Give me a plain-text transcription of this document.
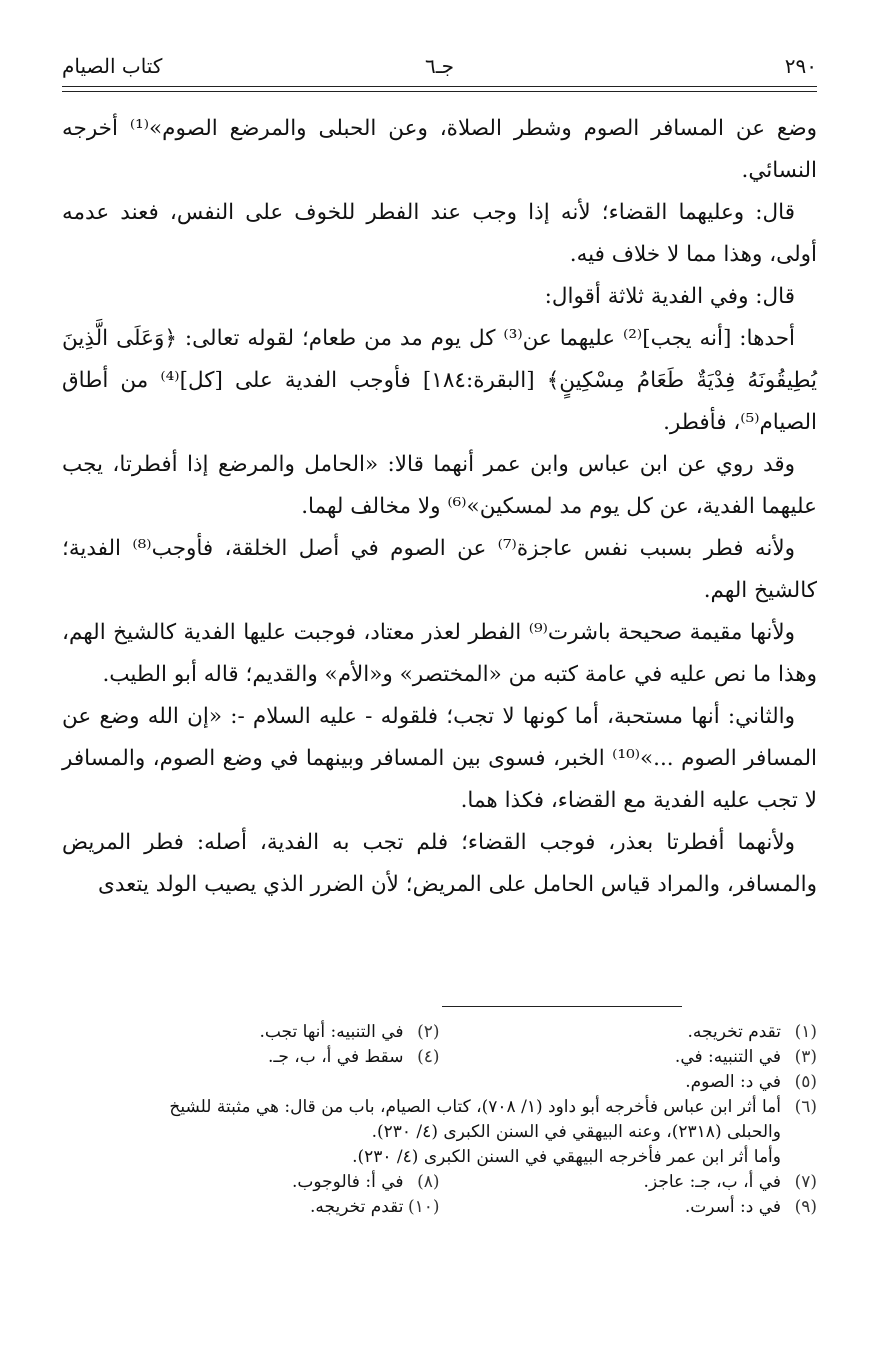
٢٩٠
جـ٦
كتاب الصيام

وضع عن المسافر الصوم وشطر الصلاة، وعن الحبلى والمرضع الصوم»⁽¹⁾ أخرجه النسائي.

قال: وعليهما القضاء؛ لأنه إذا وجب عند الفطر للخوف على النفس، فعند عدمه أولى، وهذا مما لا خلاف فيه.

قال: وفي الفدية ثلاثة أقوال:

أحدها: [أنه يجب]⁽²⁾ عليهما عن⁽³⁾ كل يوم مد من طعام؛ لقوله تعالى: ﴿وَعَلَى الَّذِينَ يُطِيقُونَهُ فِدْيَةٌ طَعَامُ مِسْكِينٍ﴾ [البقرة:١٨٤] فأوجب الفدية على [كل]⁽⁴⁾ من أطاق الصيام⁽⁵⁾، فأفطر.

وقد روي عن ابن عباس وابن عمر أنهما قالا: «الحامل والمرضع إذا أفطرتا، يجب عليهما الفدية، عن كل يوم مد لمسكين»⁽⁶⁾ ولا مخالف لهما.

ولأنه فطر بسبب نفس عاجزة⁽⁷⁾ عن الصوم في أصل الخلقة، فأوجب⁽⁸⁾ الفدية؛ كالشيخ الهم.

ولأنها مقيمة صحيحة باشرت⁽⁹⁾ الفطر لعذر معتاد، فوجبت عليها الفدية كالشيخ الهم، وهذا ما نص عليه في عامة كتبه من «المختصر» و«الأم» والقديم؛ قاله أبو الطيب.

والثاني: أنها مستحبة، أما كونها لا تجب؛ فلقوله - عليه السلام -: «إن الله وضع عن المسافر الصوم ...»⁽¹⁰⁾ الخبر، فسوى بين المسافر وبينهما في وضع الصوم، والمسافر لا تجب عليه الفدية مع القضاء، فكذا هما.

ولأنهما أفطرتا بعذر، فوجب القضاء؛ فلم تجب به الفدية، أصله: فطر المريض والمسافر، والمراد قياس الحامل على المريض؛ لأن الضرر الذي يصيب الولد يتعدى

(١)تقدم تخريجه.
(٢)في التنبيه: أنها تجب.
(٣)في التنبيه: في.
(٤)سقط في أ، ب، جـ.
(٥)في د: الصوم.
(٦)أما أثر ابن عباس فأخرجه أبو داود (١/ ٧٠٨)، كتاب الصيام، باب من قال: هي مثبتة للشيخ
والحبلى (٢٣١٨)، وعنه البيهقي في السنن الكبرى (٤/ ٢٣٠).
وأما أثر ابن عمر فأخرجه البيهقي في السنن الكبرى (٤/ ٢٣٠).
(٧)في أ، ب، جـ: عاجز.
(٨)في أ: فالوجوب.
(٩)في د: أسرت.
(١٠)تقدم تخريجه.
